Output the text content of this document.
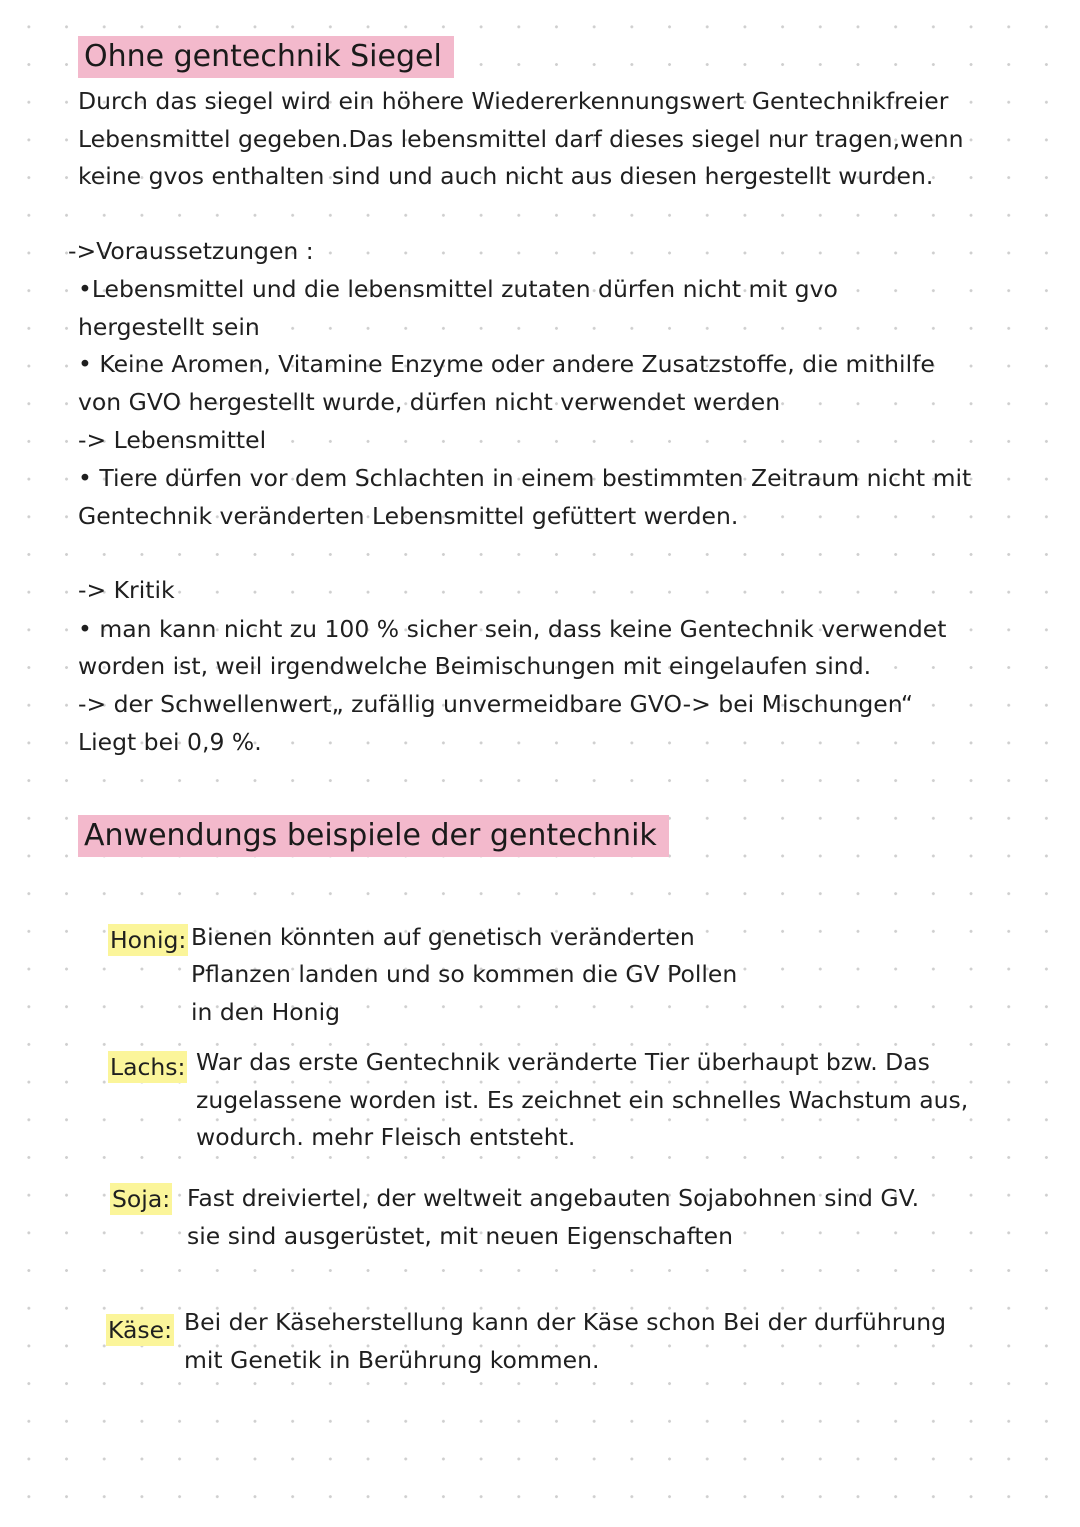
Ohne gentechnik Siegel
Durch das siegel wird ein höhere Wiedererkennungswert Gentechnikfreier
Lebensmittel gegeben.Das lebensmittel darf dieses siegel nur tragen,wenn
keine gvos enthalten sind und auch nicht aus diesen hergestellt wurden.
->Voraussetzungen :
•Lebensmittel und die lebensmittel zutaten dürfen nicht mit gvo
hergestellt sein
• Keine Aromen, Vitamine Enzyme oder andere Zusatzstoffe, die mithilfe
von GVO hergestellt wurde, dürfen nicht verwendet werden
-> Lebensmittel
• Tiere dürfen vor dem Schlachten in einem bestimmten Zeitraum nicht mit
Gentechnik veränderten Lebensmittel gefüttert werden.
-> Kritik
• man kann nicht zu 100 % sicher sein, dass keine Gentechnik verwendet
worden ist, weil irgendwelche Beimischungen mit eingelaufen sind.
-> der Schwellenwert„ zufällig unvermeidbare GVO-> bei Mischungen“
Liegt bei 0,9 %.
Anwendungs beispiele der gentechnik
Honig: Bienen könnten auf genetisch veränderten
Pflanzen landen und so kommen die GV Pollen
in den Honig
Lachs: War das erste Gentechnik veränderte Tier überhaupt bzw. Das
zugelassene worden ist. Es zeichnet ein schnelles Wachstum aus,
wodurch. mehr Fleisch entsteht.
Soja: Fast dreiviertel, der weltweit angebauten Sojabohnen sind GV.
sie sind ausgerüstet, mit neuen Eigenschaften
Käse: Bei der Käseherstellung kann der Käse schon Bei der durführung
mit Genetik in Berührung kommen.
